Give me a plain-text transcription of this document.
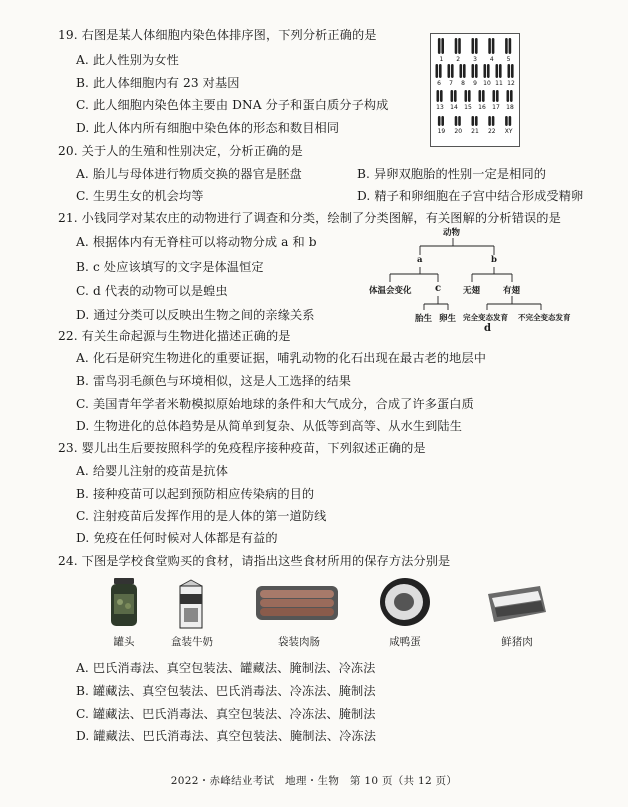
19. 右图是某人体细胞内染色体排序图，下列分析正确的是
A. 此人性别为女性
B. 此人体细胞内有 23 对基因
C. 此人细胞内染色体主要由 DNA 分子和蛋白质分子构成
D. 此人体内所有细胞中染色体的形态和数目相同
1 2 3 4 5
6 7 8 9 10 11 12
13 14 15 16 17 18
19 20 21 22 XY
20. 关于人的生殖和性别决定，分析正确的是
A. 胎儿与母体进行物质交换的器官是胚盘	B. 异卵双胞胎的性别一定是相同的
C. 生男生女的机会均等	D. 精子和卵细胞在子宫中结合形成受精卵
21. 小钱同学对某农庄的动物进行了调查和分类，绘制了分类图解，有关图解的分析错误的是
A. 根据体内有无脊柱可以将动物分成 a 和 b
B. c 处应该填写的文字是体温恒定
C. d 代表的动物可以是蝗虫
D. 通过分类可以反映出生物之间的亲缘关系
动物
a	b
体温会变化 c	无翅	有翅
胎生 卵生 完全变态发育 不完全变态发育
d
22. 有关生命起源与生物进化描述正确的是
A. 化石是研究生物进化的重要证据，哺乳动物的化石出现在最古老的地层中
B. 雷鸟羽毛颜色与环境相似，这是人工选择的结果
C. 美国青年学者米勒模拟原始地球的条件和大气成分，合成了许多蛋白质
D. 生物进化的总体趋势是从简单到复杂、从低等到高等、从水生到陆生
23. 婴儿出生后要按照科学的免疫程序接种疫苗，下列叙述正确的是
A. 给婴儿注射的疫苗是抗体
B. 接种疫苗可以起到预防相应传染病的目的
C. 注射疫苗后发挥作用的是人体的第一道防线
D. 免疫在任何时候对人体都是有益的
24. 下图是学校食堂购买的食材，请指出这些食材所用的保存方法分别是
罐头	盒装牛奶	袋装肉肠	咸鸭蛋	鲜猪肉
A. 巴氏消毒法、真空包装法、罐藏法、腌制法、冷冻法
B. 罐藏法、真空包装法、巴氏消毒法、冷冻法、腌制法
C. 罐藏法、巴氏消毒法、真空包装法、冷冻法、腌制法
D. 罐藏法、巴氏消毒法、真空包装法、腌制法、冷冻法
2022・赤峰结业考试　地理・生物　第 10 页（共 12 页）
